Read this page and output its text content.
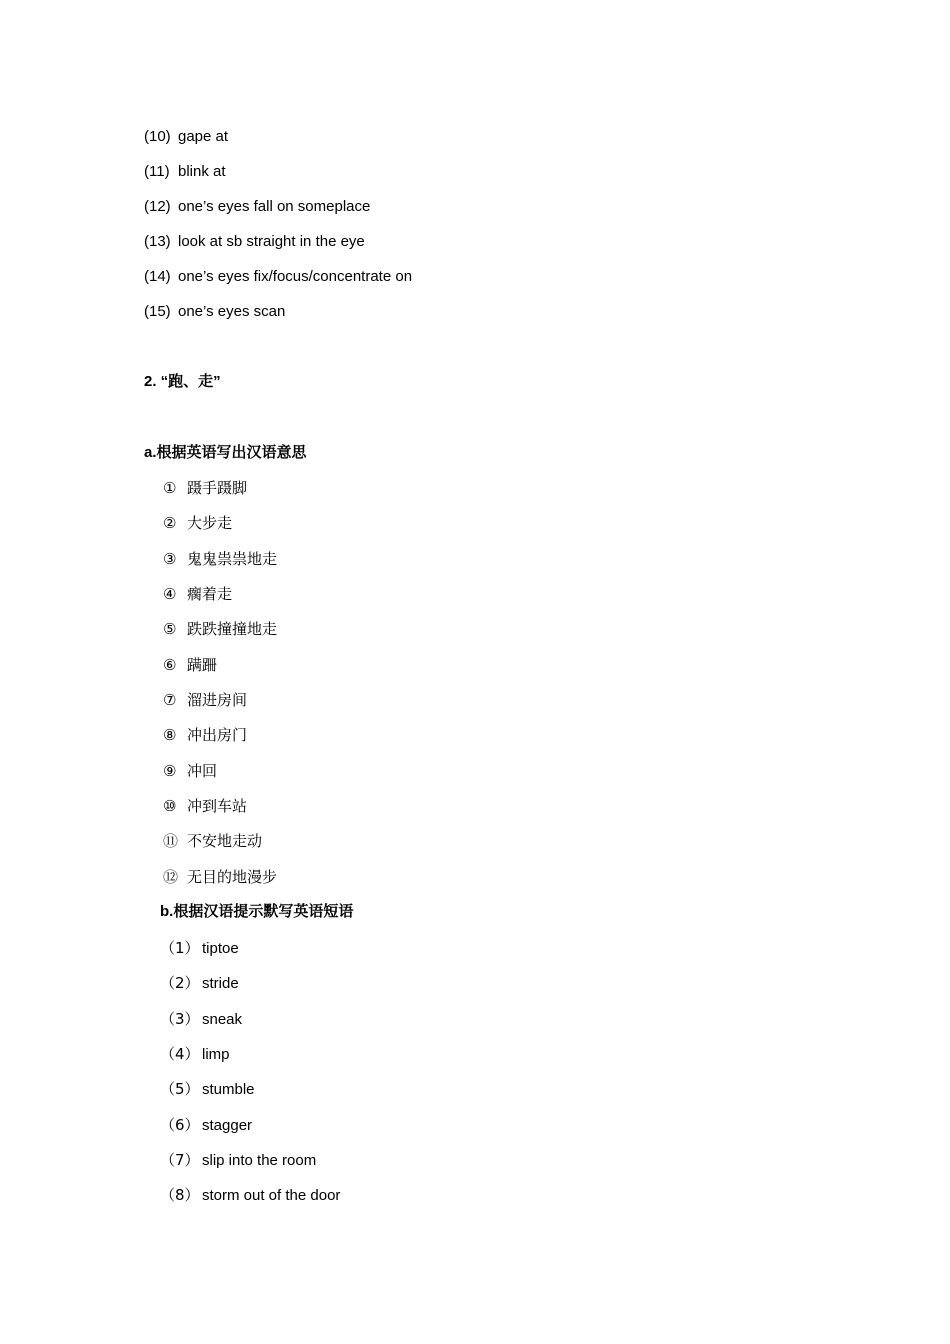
(10) gape at
(11) blink at
(12) one’s eyes fall on someplace
(13) look at sb straight in the eye
(14) one’s eyes fix/focus/concentrate on
(15) one’s eyes scan
2. “跑、走”
a.根据英语写出汉语意思
① 蹑手蹑脚
② 大步走
③ 鬼鬼祟祟地走
④ 瘸着走
⑤ 跌跌撞撞地走
⑥ 蹒跚
⑦ 溜进房间
⑧ 冲出房门
⑨ 冲回
⑩ 冲到车站
⑪ 不安地走动
⑫ 无目的地漫步
b.根据汉语提示默写英语短语
（1） tiptoe
（2） stride
（3） sneak
（4） limp
（5） stumble
（6） stagger
（7） slip into the room
（8） storm out of the door
